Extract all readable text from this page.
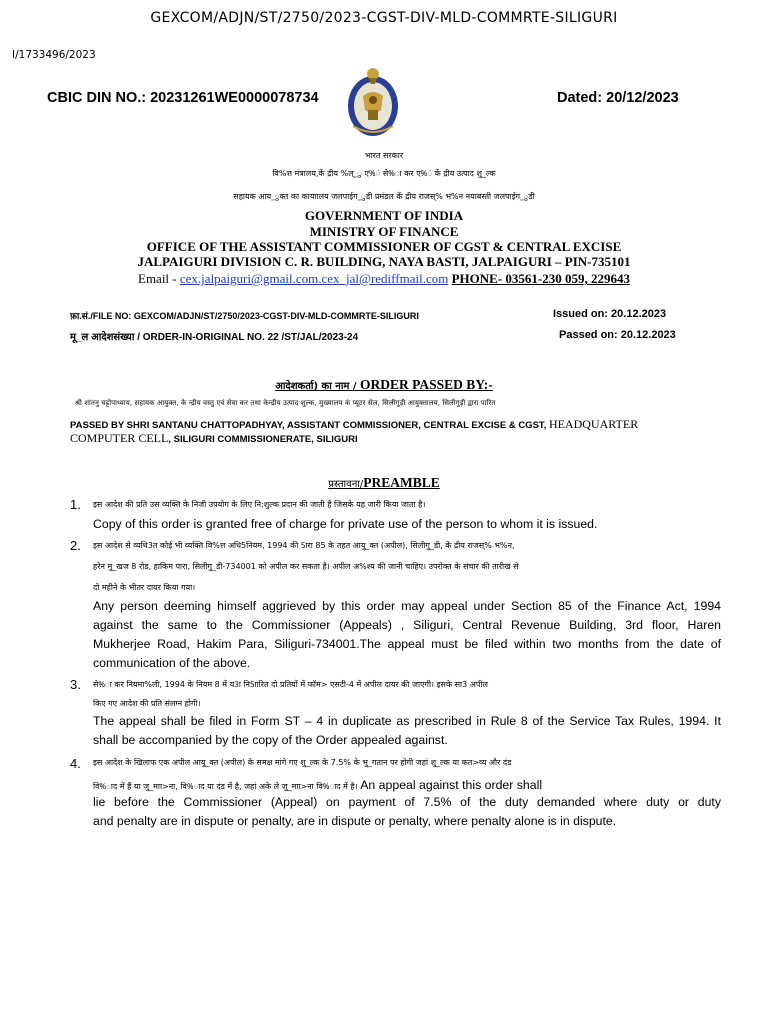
GEXCOM/ADJN/ST/2750/2023-CGST-DIV-MLD-COMMRTE-SILIGURI
I/1733496/2023
CBIC DIN NO.: 20231261WE0000078734	Dated: 20/12/2023
भारत सरकार
वि%त्त मंत्रालय,कें द्रीय %ल्_ु ए%ं से%ा कर ए%ं कें द्रीय उत्पाद शु_ल्क
सहायक आय_ुक्त का कायाालय जलपाईग_ुडी प्रमंडल कें द्रीय राजस्% भ%न नयाबस्ती जलपाईग_ुडी
GOVERNMENT OF INDIA
MINISTRY OF FINANCE
OFFICE OF THE ASSISTANT COMMISSIONER OF CGST & CENTRAL EXCISE
JALPAIGURI DIVISION C. R. BUILDING, NAYA BASTI, JALPAIGURI – PIN-735101
Email - cex.jalpaiguri@gmail.com.cex_jal@rediffmail.com PHONE- 03561-230 059, 229643
फ़ा.सं./FILE NO: GEXCOM/ADJN/ST/2750/2023-CGST-DIV-MLD-COMMRTE-SILIGURI	Issued on: 20.12.2023
मू_ल आदेशसंख्या / ORDER-IN-ORIGINAL NO. 22 /ST/JAL/2023-24	Passed on: 20.12.2023
आदेशकर्ता) का नाम / ORDER PASSED BY:-
श्री शांतनु चट्टोपाध्याय, सहायक आयुक्त, के न्द्रीय वस्तु एवं सेवा कर तथा केन्द्रीय उत्पाद शुल्क, मुख्यालय कं प्यूटर सेल, सिलीगुड़ी आयुक्तालय, सिलीगुड़ी द्वारा पारित
PASSED BY SHRI SANTANU CHATTOPADHYAY, ASSISTANT COMMISSIONER, CENTRAL EXCISE & CGST, HEADQUARTER
COMPUTER CELL, SILIGURI COMMISSIONERATE, SILIGURI
प्रस्तावना/PREAMBLE
1. इस आदेश की प्रति उस व्यक्ति के निजी उपयोग के लिए नि:शुल्क प्रदान की जाती है जिसके यह जारी किया जाता है।
Copy of this order is granted free of charge for private use of the person to whom it is issued.
2. इस आदेश से व्यथि3त कोई भी व्यक्ति वि%त्त अधि5नियम, 1994 की 5ारा 85 के तहत आयु_क्त (अपील), सिलीगु_डी, कें द्रीय राजस्% भ%न,
हरेन मु_खज 8 रोड, हाकिम पारा, सिलीगु_डी-734001 को अपील कर सकता है। अपील अ%श्य की जानी चाहिए। उपरोक्त के संचार की तारीख से
दो महीने के भीतर दायर किया गया।
Any person deeming himself aggrieved by this order may appeal under Section 85 of the Finance Act, 1994
against the same to the Commissioner (Appeals) , Siliguri, Central Revenue Building, 3rd floor, Haren
Mukherjee Road, Hakim Para, Siliguri-734001.The appeal must be filed within two months from the date of
communication of the above.
3. से%ा कर नियमा%ली, 1994 के नियम 8 में य3ा नि5ाारित दो प्रतियों में फॉम> एसटी-4 में अपील दायर की जाएगी। इसके सा3 अपील
किए गए आदेश की प्रति संलग्न होगी।
The appeal shall be filed in Form ST – 4 in duplicate as prescribed in Rule 8 of the Service Tax Rules, 1994. It
shall be accompanied by the copy of the Order appealed against.
4. इस आदेश के खिलाफ एक अपील आयु_क्त (अपील) के समक्ष मांगे गए शु_ल्क के 7.5% के भु_गतान पर होगी जहां शु_ल्क या कत>व्य और दंड
वि%ाद में हैं या जु_माा>ना, वि%ाद या दंड में है, जहां अके ले जु_माा>ना वि%ाद में है। An appeal against this order shall
lie before the Commissioner (Appeal) on payment of 7.5% of the duty demanded where duty or duty
and penalty are in dispute or penalty, are in dispute or penalty, where penalty alone is in dispute.
